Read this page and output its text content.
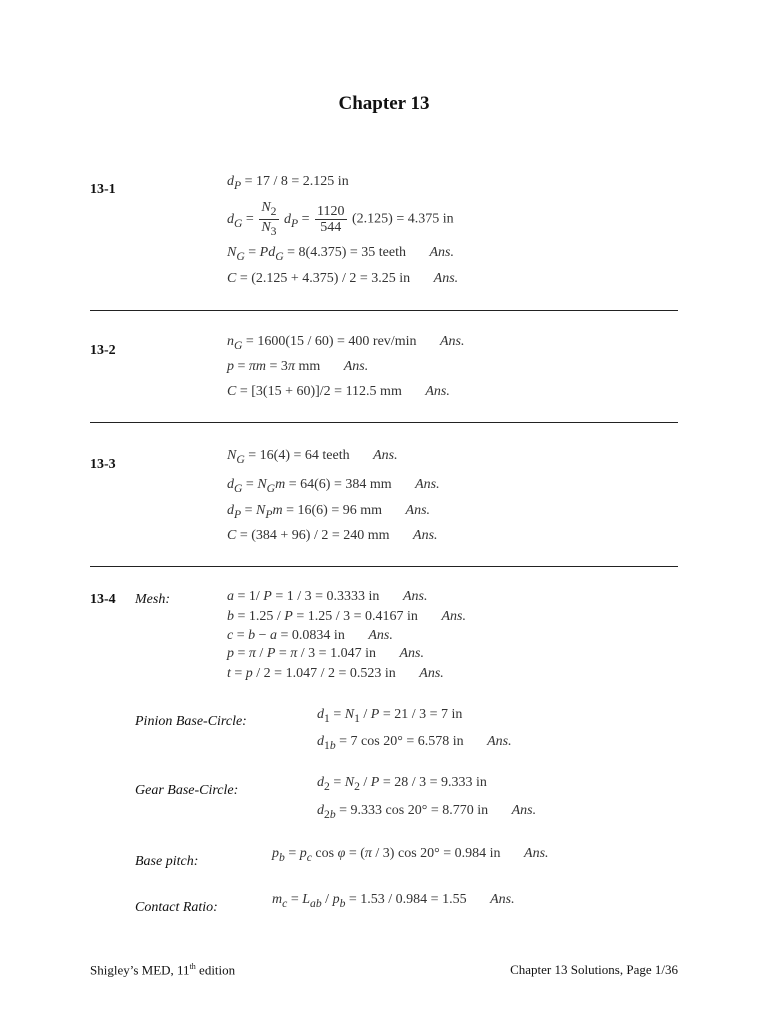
Chapter 13
13-1
$d_P = 17 / 8 = 2.125$ in
$d_G = \frac{N_2}{N_3} d_P = \frac{1120}{544} (2.125) = 4.375$ in
$N_G = Pd_G = 8(4.375) = 35$ teeth Ans.
C = (2.125 + 4.375) / 2 = 3.25 in Ans.
13-2
$n_G = 1600(15 / 60) = 400$ rev/min Ans.
p = πm = 3π mm Ans.
C = [3(15 + 60)]/2 = 112.5 mm Ans.
13-3
$N_G = 16(4) = 64$ teeth Ans.
$d_G = N_Gm = 64(6) = 384$ mm Ans.
$d_P = N_Pm = 16(6) = 96$ mm Ans.
C = (384 + 96) / 2 = 240 mm Ans.
13-4 Mesh:	a = 1/ P = 1 / 3 = 0.3333 in Ans.
b = 1.25 / P = 1.25 / 3 = 0.4167 in Ans.
c = b − a = 0.0834 in Ans.
p = π / P = π / 3 = 1.047 in Ans.
t = p / 2 = 1.047 / 2 = 0.523 in Ans.
Pinion Base-Circle:	$d_1 = N_1 / P = 21 / 3 = 7$ in
$d_{1b} = 7$ cos 20° = 6.578 in Ans.
Gear Base-Circle:
$d_2 = N_2 / P = 28 / 3 = 9.333$ in
$d_{2b} = 9.333$ cos 20° = 8.770 in Ans.
Base pitch:
$p_b = p_c$ cos φ = (π / 3) cos 20° = 0.984 in Ans.
Contact Ratio:
$m_c = L_{ab} / p_b = 1.53 / 0.984 = 1.55$ Ans.
Shigley’s MED, 11th edition	Chapter 13 Solutions, Page 1/36
